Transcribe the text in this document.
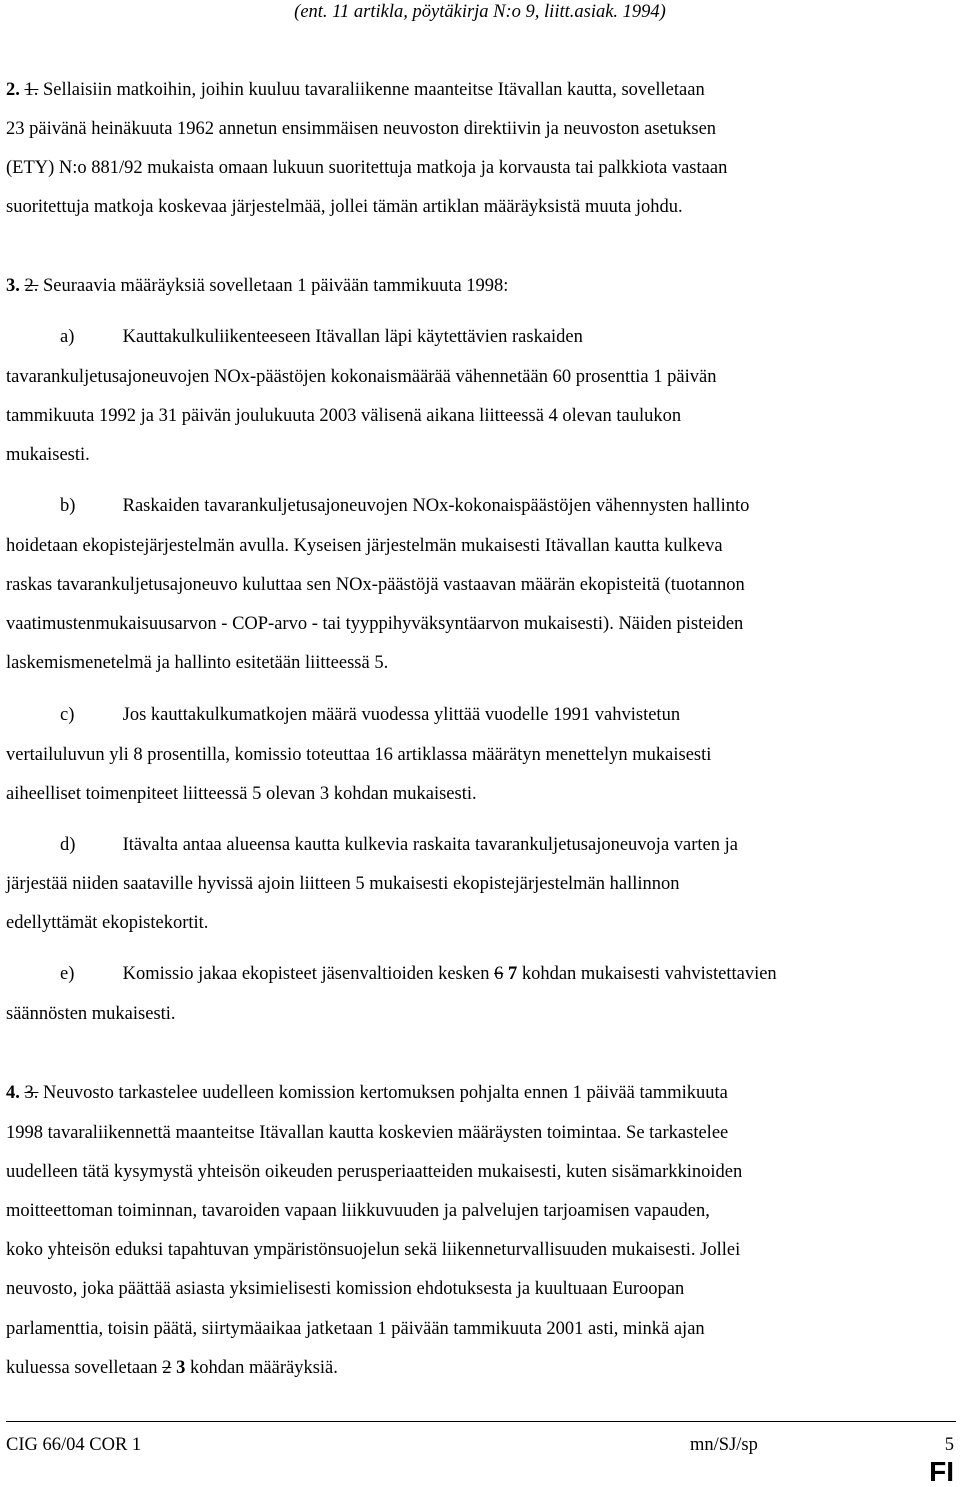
(ent. 11 artikla, pöytäkirja N:o 9, liitt.asiak. 1994)
2. 1. Sellaisiin matkoihin, joihin kuuluu tavaraliikenne maanteitse Itävallan kautta, sovelletaan
23 päivänä heinäkuuta 1962 annetun ensimmäisen neuvoston direktiivin ja neuvoston asetuksen
(ETY) N:o 881/92 mukaista omaan lukuun suoritettuja matkoja ja korvausta tai palkkiota vastaan
suoritettuja matkoja koskevaa järjestelmää, jollei tämän artiklan määräyksistä muuta johdu.
3. 2. Seuraavia määräyksiä sovelletaan 1 päivään tammikuuta 1998:
a)	Kauttakulkuliikenteeseen Itävallan läpi käytettävien raskaiden
tavarankuljetusajoneuvojen NOx-päästöjen kokonaismäärää vähennetään 60 prosenttia 1 päivän
tammikuuta 1992 ja 31 päivän joulukuuta 2003 välisenä aikana liitteessä 4 olevan taulukon
mukaisesti.
b)	Raskaiden tavarankuljetusajoneuvojen NOx-kokonaispäästöjen vähennysten hallinto
hoidetaan ekopistejärjestelmän avulla. Kyseisen järjestelmän mukaisesti Itävallan kautta kulkeva
raskas tavarankuljetusajoneuvo kuluttaa sen NOx-päästöjä vastaavan määrän ekopisteitä (tuotannon
vaatimustenmukaisuusarvon - COP-arvo - tai tyyppihyväksyntäarvon mukaisesti). Näiden pisteiden
laskemismenetelmä ja hallinto esitetään liitteessä 5.
c)	Jos kauttakulkumatkojen määrä vuodessa ylittää vuodelle 1991 vahvistetun
vertailuluvun yli 8 prosentilla, komissio toteuttaa 16 artiklassa määrätyn menettelyn mukaisesti
aiheelliset toimenpiteet liitteessä 5 olevan 3 kohdan mukaisesti.
d)	Itävalta antaa alueensa kautta kulkevia raskaita tavarankuljetusajoneuvoja varten ja
järjestää niiden saataville hyvissä ajoin liitteen 5 mukaisesti ekopistejärjestelmän hallinnon
edellyttämät ekopistekortit.
e)	Komissio jakaa ekopisteet jäsenvaltioiden kesken 6 7 kohdan mukaisesti vahvistettavien
säännösten mukaisesti.
4. 3. Neuvosto tarkastelee uudelleen komission kertomuksen pohjalta ennen 1 päivää tammikuuta
1998 tavaraliikennettä maanteitse Itävallan kautta koskevien määräysten toimintaa. Se tarkastelee
uudelleen tätä kysymystä yhteisön oikeuden perusperiaatteiden mukaisesti, kuten sisämarkkinoiden
moitteettoman toiminnan, tavaroiden vapaan liikkuvuuden ja palvelujen tarjoamisen vapauden,
koko yhteisön eduksi tapahtuvan ympäristönsuojelun sekä liikenneturvallisuuden mukaisesti. Jollei
neuvosto, joka päättää asiasta yksimielisesti komission ehdotuksesta ja kuultuaan Euroopan
parlamenttia, toisin päätä, siirtymäaikaa jatketaan 1 päivään tammikuuta 2001 asti, minkä ajan
kuluessa sovelletaan 2 3 kohdan määräyksiä.
CIG 66/04 COR 1	mn/SJ/sp	5
FI
